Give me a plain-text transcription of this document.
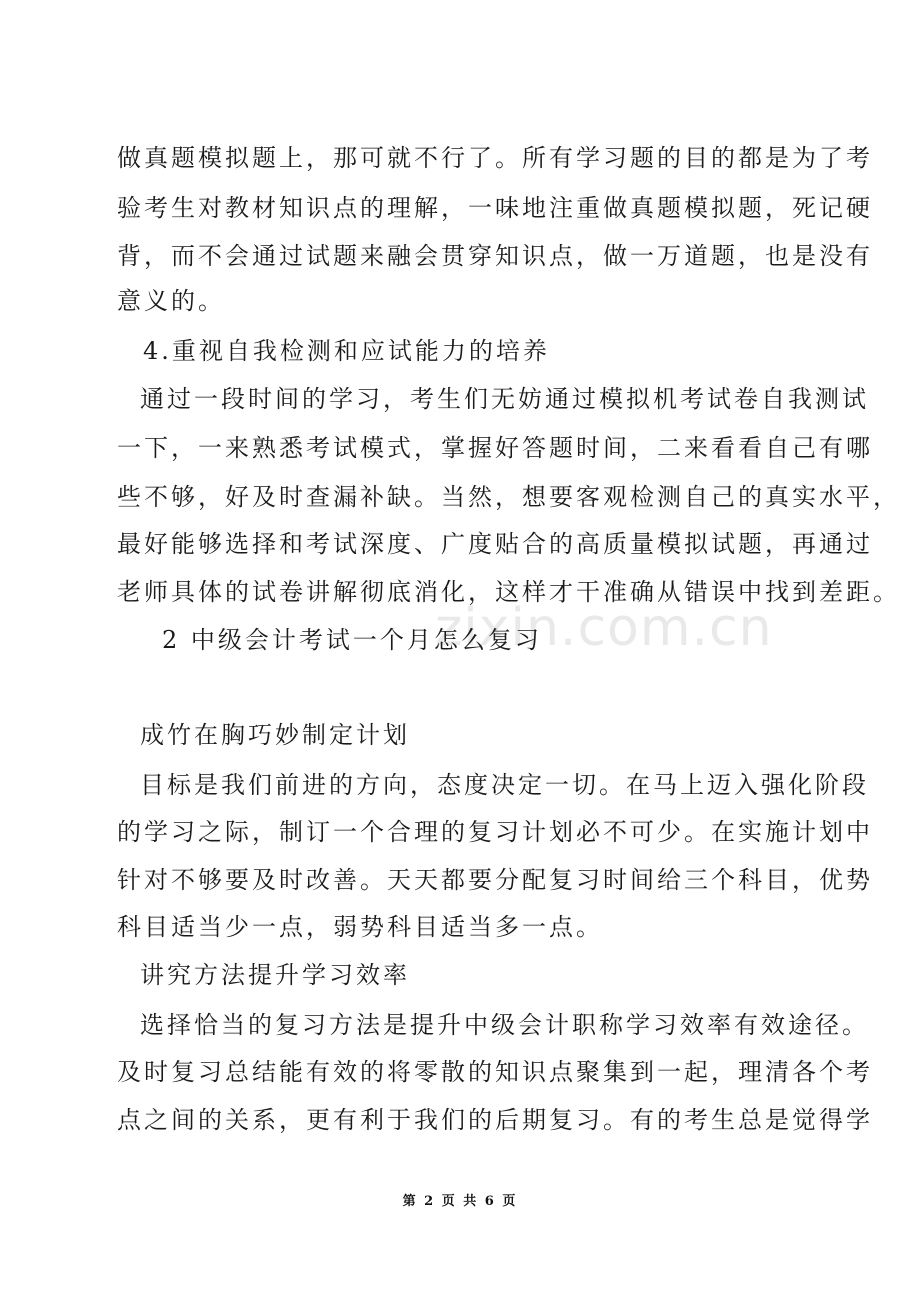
zixin.com.cn
做真题模拟题上，那可就不行了。所有学习题的目的都是为了考
验考生对教材知识点的理解，一味地注重做真题模拟题，死记硬
背，而不会通过试题来融会贯穿知识点，做一万道题，也是没有
意义的。
4.重视自我检测和应试能力的培养
通过一段时间的学习，考生们无妨通过模拟机考试卷自我测试
一下，一来熟悉考试模式，掌握好答题时间，二来看看自己有哪
些不够，好及时查漏补缺。当然，想要客观检测自己的真实水平，
最好能够选择和考试深度、广度贴合的高质量模拟试题，再通过
老师具体的试卷讲解彻底消化，这样才干准确从错误中找到差距。
2 中级会计考试一个月怎么复习
成竹在胸巧妙制定计划
目标是我们前进的方向，态度决定一切。在马上迈入强化阶段
的学习之际，制订一个合理的复习计划必不可少。在实施计划中
针对不够要及时改善。天天都要分配复习时间给三个科目，优势
科目适当少一点，弱势科目适当多一点。
讲究方法提升学习效率
选择恰当的复习方法是提升中级会计职称学习效率有效途径。
及时复习总结能有效的将零散的知识点聚集到一起，理清各个考
点之间的关系，更有利于我们的后期复习。有的考生总是觉得学
第 2 页 共 6 页
